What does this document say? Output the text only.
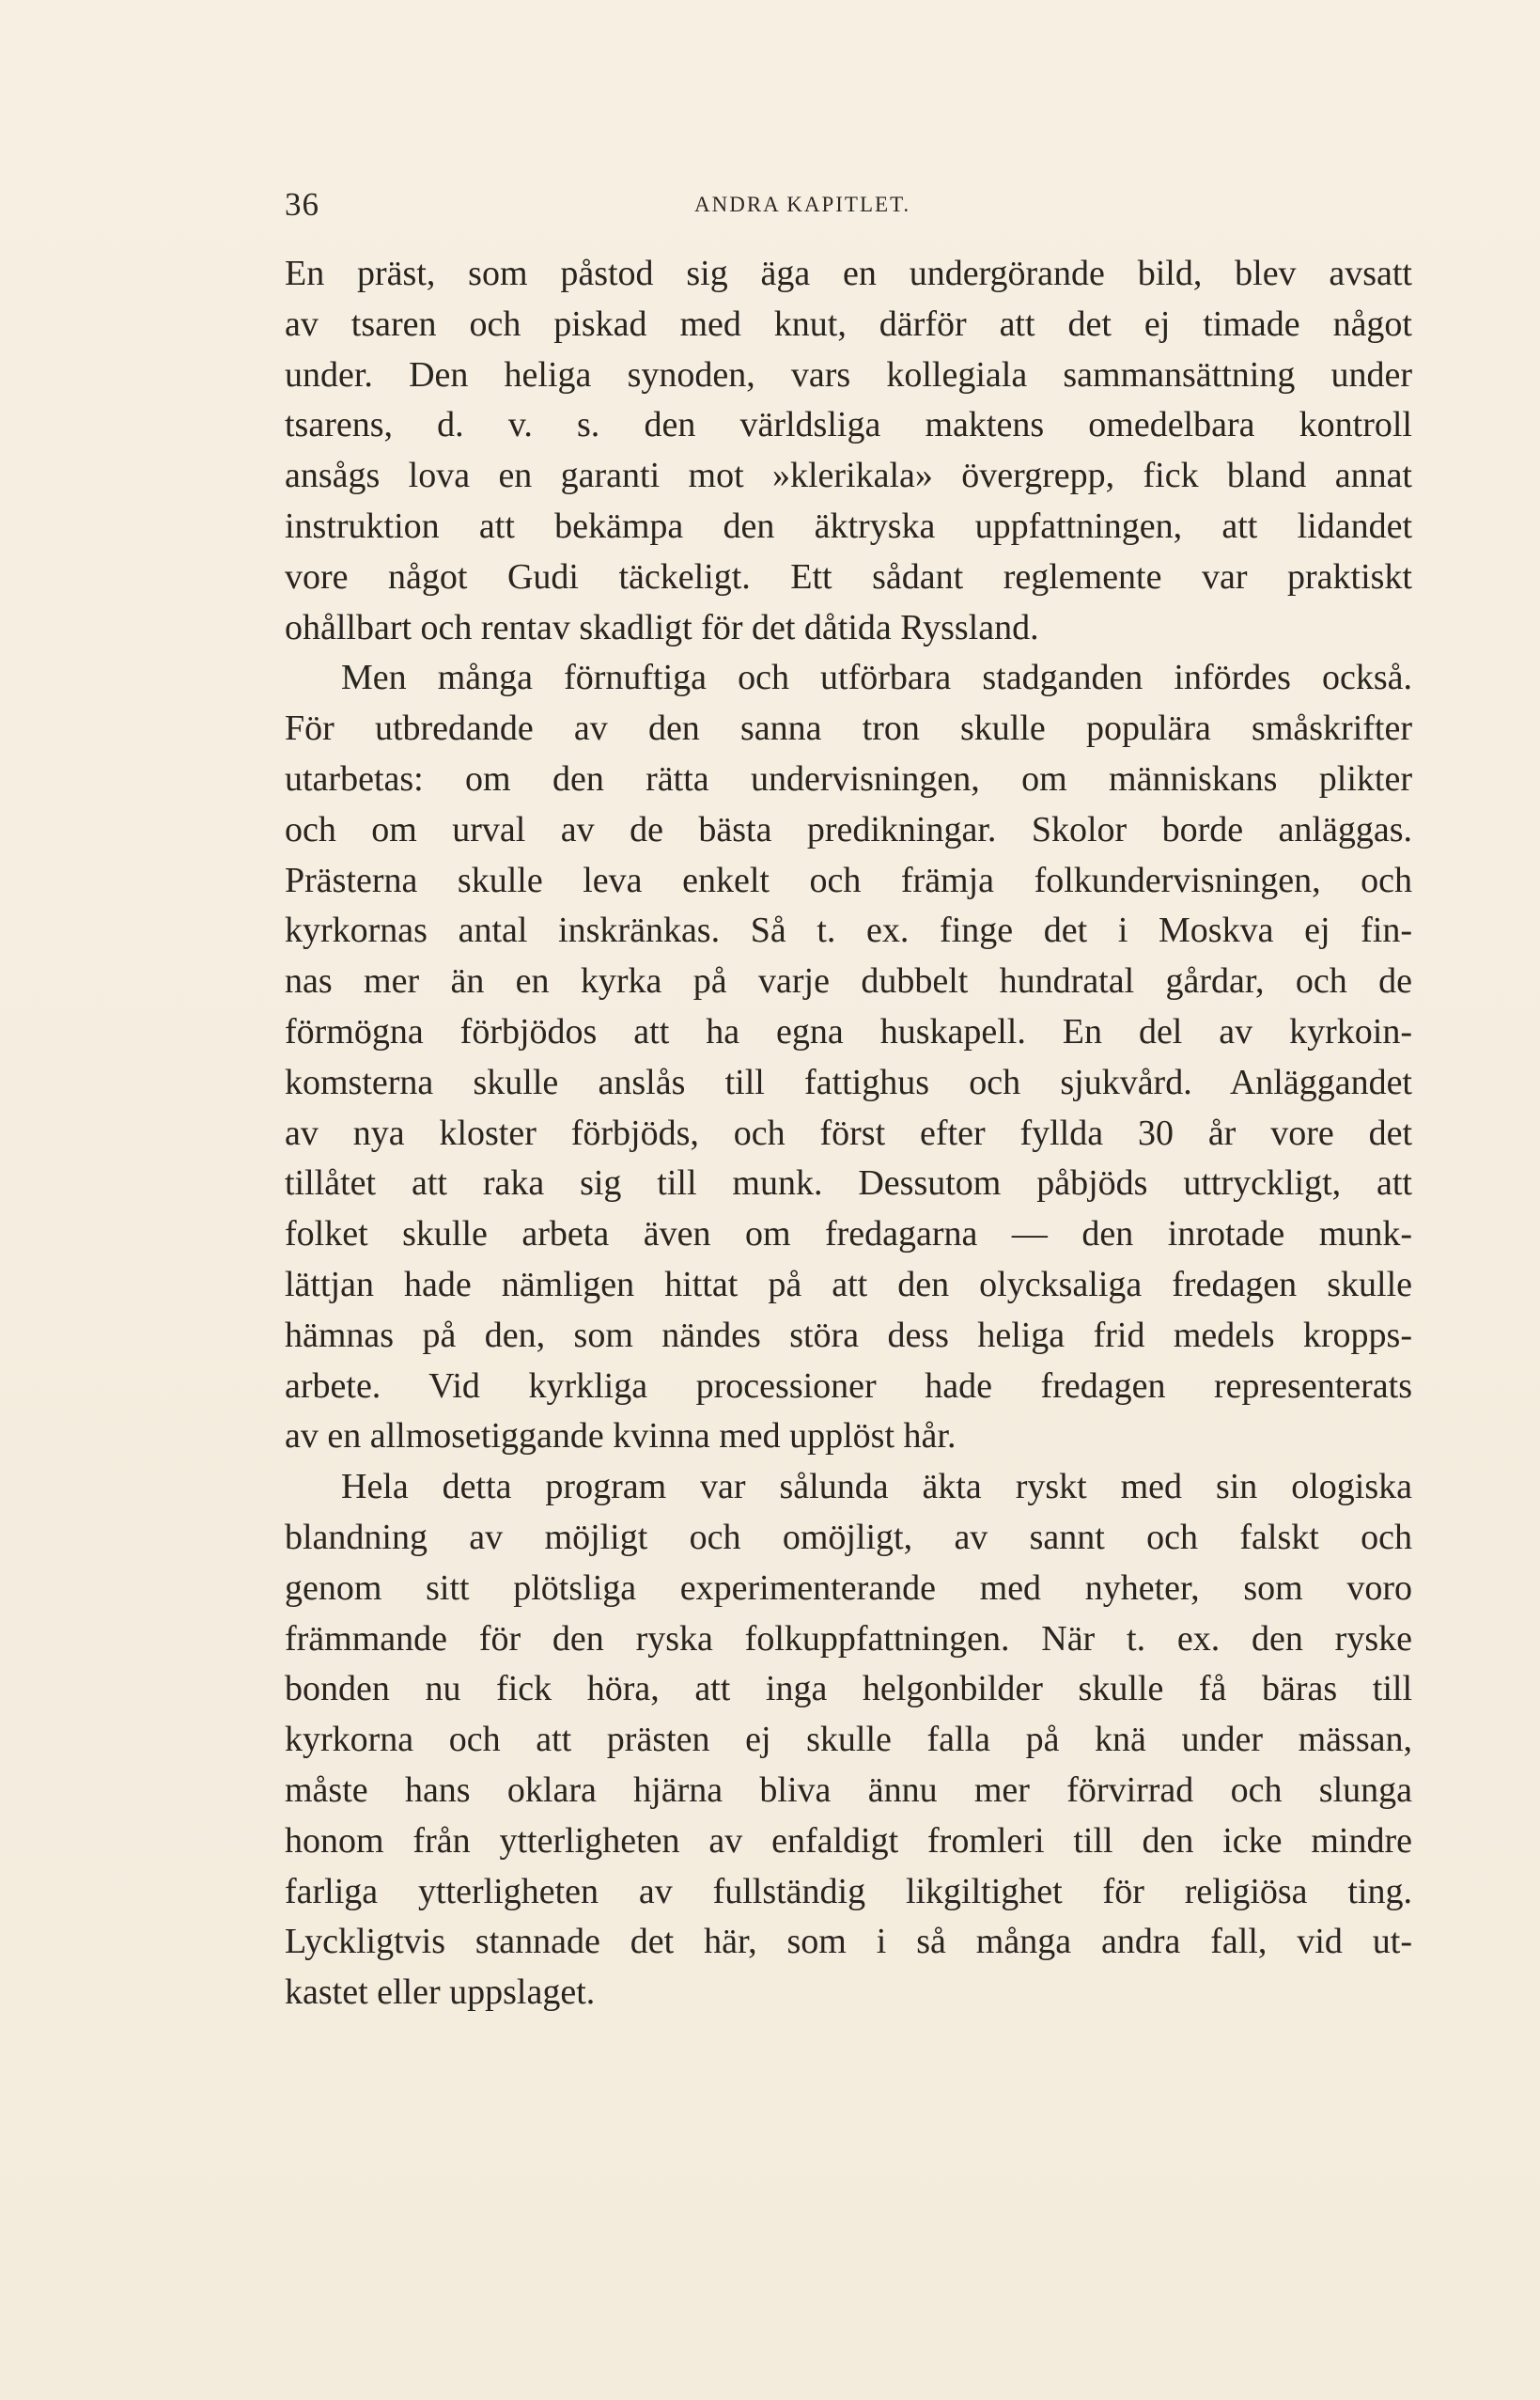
36	ANDRA KAPITLET.
En präst, som påstod sig äga en undergörande bild, blev avsatt
av tsaren och piskad med knut, därför att det ej timade något
under. Den heliga synoden, vars kollegiala sammansättning under
tsarens, d. v. s. den världsliga maktens omedelbara kontroll
ansågs lova en garanti mot »klerikala» övergrepp, fick bland annat
instruktion att bekämpa den äktryska uppfattningen, att lidandet
vore något Gudi täckeligt. Ett sådant reglemente var praktiskt
ohållbart och rentav skadligt för det dåtida Ryssland.
Men många förnuftiga och utförbara stadganden infördes också.
För utbredande av den sanna tron skulle populära småskrifter
utarbetas: om den rätta undervisningen, om människans plikter
och om urval av de bästa predikningar. Skolor borde anläggas.
Prästerna skulle leva enkelt och främja folkundervisningen, och
kyrkornas antal inskränkas. Så t. ex. finge det i Moskva ej fin-
nas mer än en kyrka på varje dubbelt hundratal gårdar, och de
förmögna förbjödos att ha egna huskapell. En del av kyrkoin-
komsterna skulle anslås till fattighus och sjukvård. Anläggandet
av nya kloster förbjöds, och först efter fyllda 30 år vore det
tillåtet att raka sig till munk. Dessutom påbjöds uttryckligt, att
folket skulle arbeta även om fredagarna — den inrotade munk-
lättjan hade nämligen hittat på att den olycksaliga fredagen skulle
hämnas på den, som nändes störa dess heliga frid medels kropps-
arbete. Vid kyrkliga processioner hade fredagen representerats
av en allmosetiggande kvinna med upplöst hår.
Hela detta program var sålunda äkta ryskt med sin ologiska
blandning av möjligt och omöjligt, av sannt och falskt och
genom sitt plötsliga experimenterande med nyheter, som voro
främmande för den ryska folkuppfattningen. När t. ex. den ryske
bonden nu fick höra, att inga helgonbilder skulle få bäras till
kyrkorna och att prästen ej skulle falla på knä under mässan,
måste hans oklara hjärna bliva ännu mer förvirrad och slunga
honom från ytterligheten av enfaldigt fromleri till den icke mindre
farliga ytterligheten av fullständig likgiltighet för religiösa ting.
Lyckligtvis stannade det här, som i så många andra fall, vid ut-
kastet eller uppslaget.
